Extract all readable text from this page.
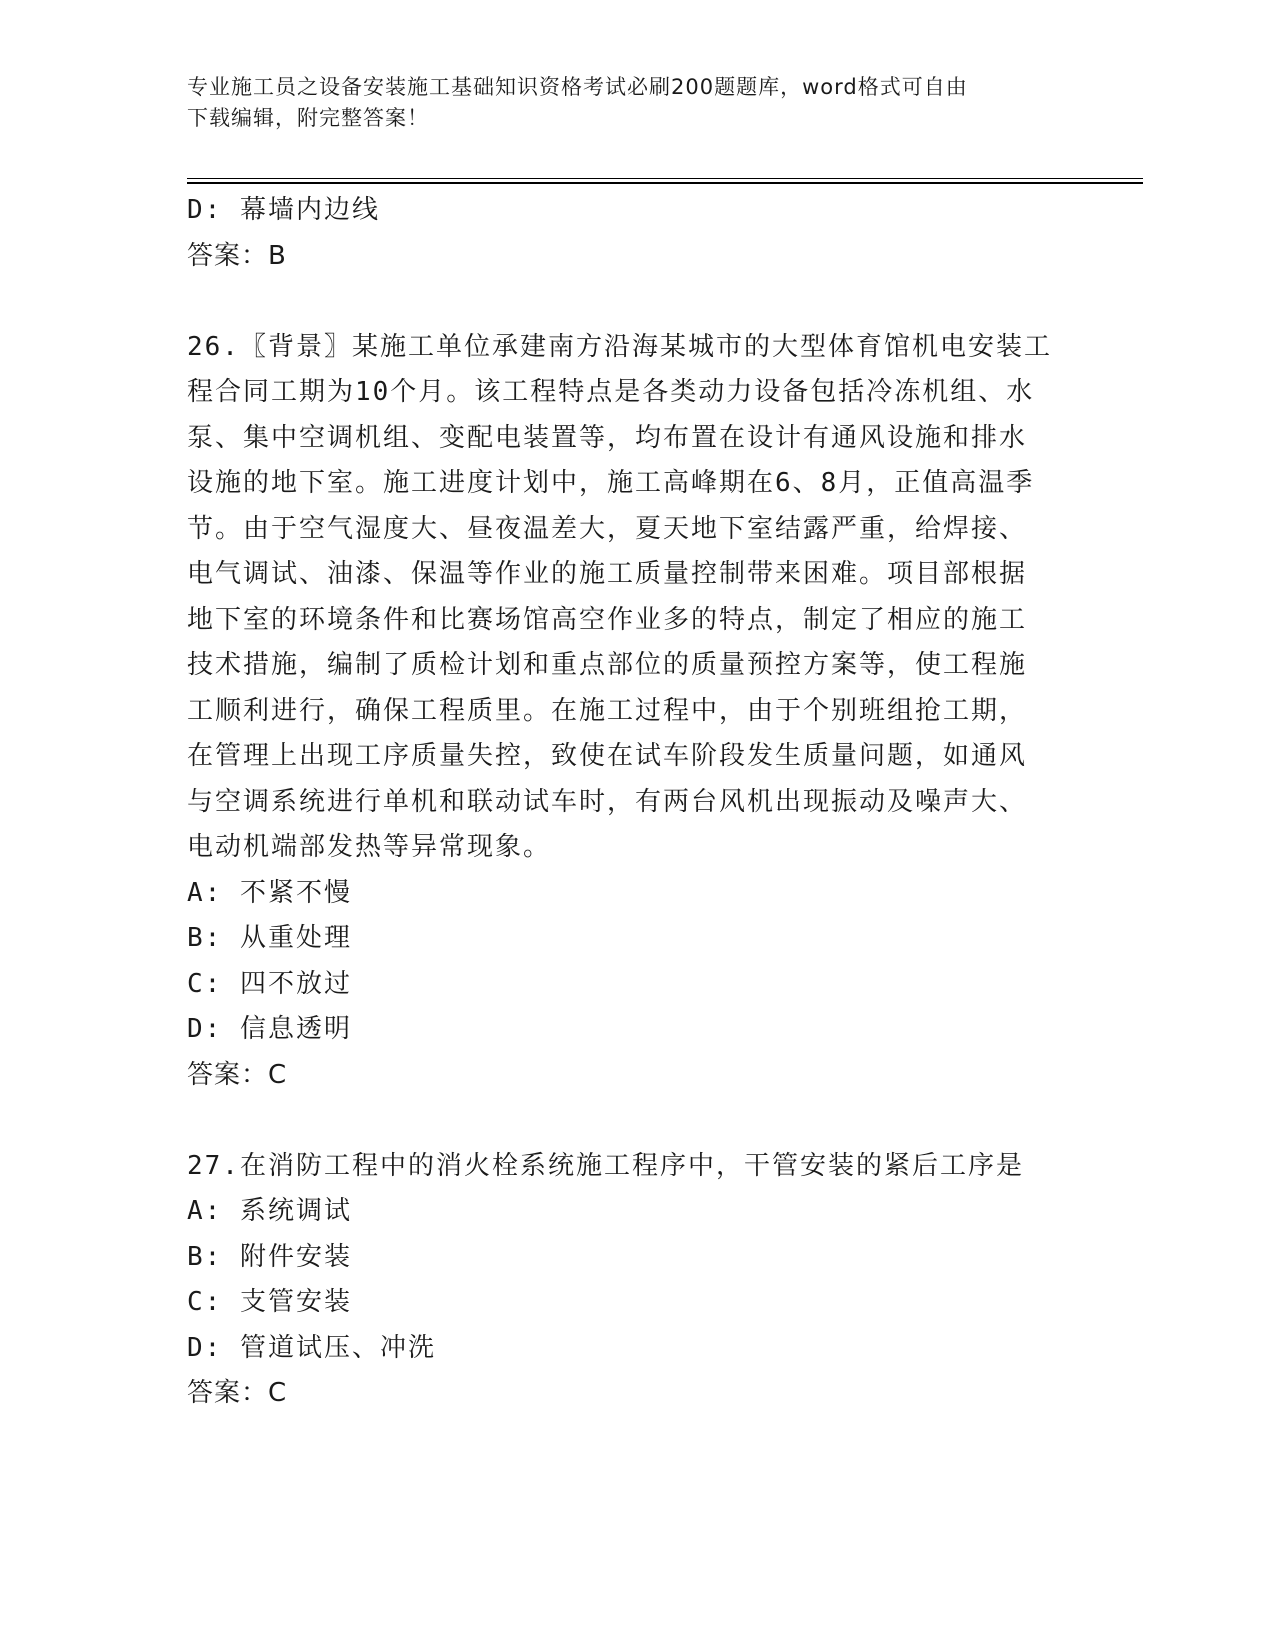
专业施工员之设备安装施工基础知识资格考试必刷200题题库，word格式可自由
下载编辑，附完整答案！
D: 幕墙内边线
答案：B
26.〖背景〗某施工单位承建南方沿海某城市的大型体育馆机电安装工
程合同工期为10个月。该工程特点是各类动力设备包括冷冻机组、水
泵、集中空调机组、变配电装置等，均布置在设计有通风设施和排水
设施的地下室。施工进度计划中，施工高峰期在6、8月，正值高温季
节。由于空气湿度大、昼夜温差大，夏天地下室结露严重，给焊接、
电气调试、油漆、保温等作业的施工质量控制带来困难。项目部根据
地下室的环境条件和比赛场馆高空作业多的特点，制定了相应的施工
技术措施，编制了质检计划和重点部位的质量预控方案等，使工程施
工顺利进行，确保工程质里。在施工过程中，由于个别班组抢工期，
在管理上出现工序质量失控，致使在试车阶段发生质量问题，如通风
与空调系统进行单机和联动试车时，有两台风机出现振动及噪声大、
电动机端部发热等异常现象。
A: 不紧不慢
B: 从重处理
C: 四不放过
D: 信息透明
答案：C
27.在消防工程中的消火栓系统施工程序中，干管安装的紧后工序是
A: 系统调试
B: 附件安装
C: 支管安装
D: 管道试压、冲洗
答案：C
